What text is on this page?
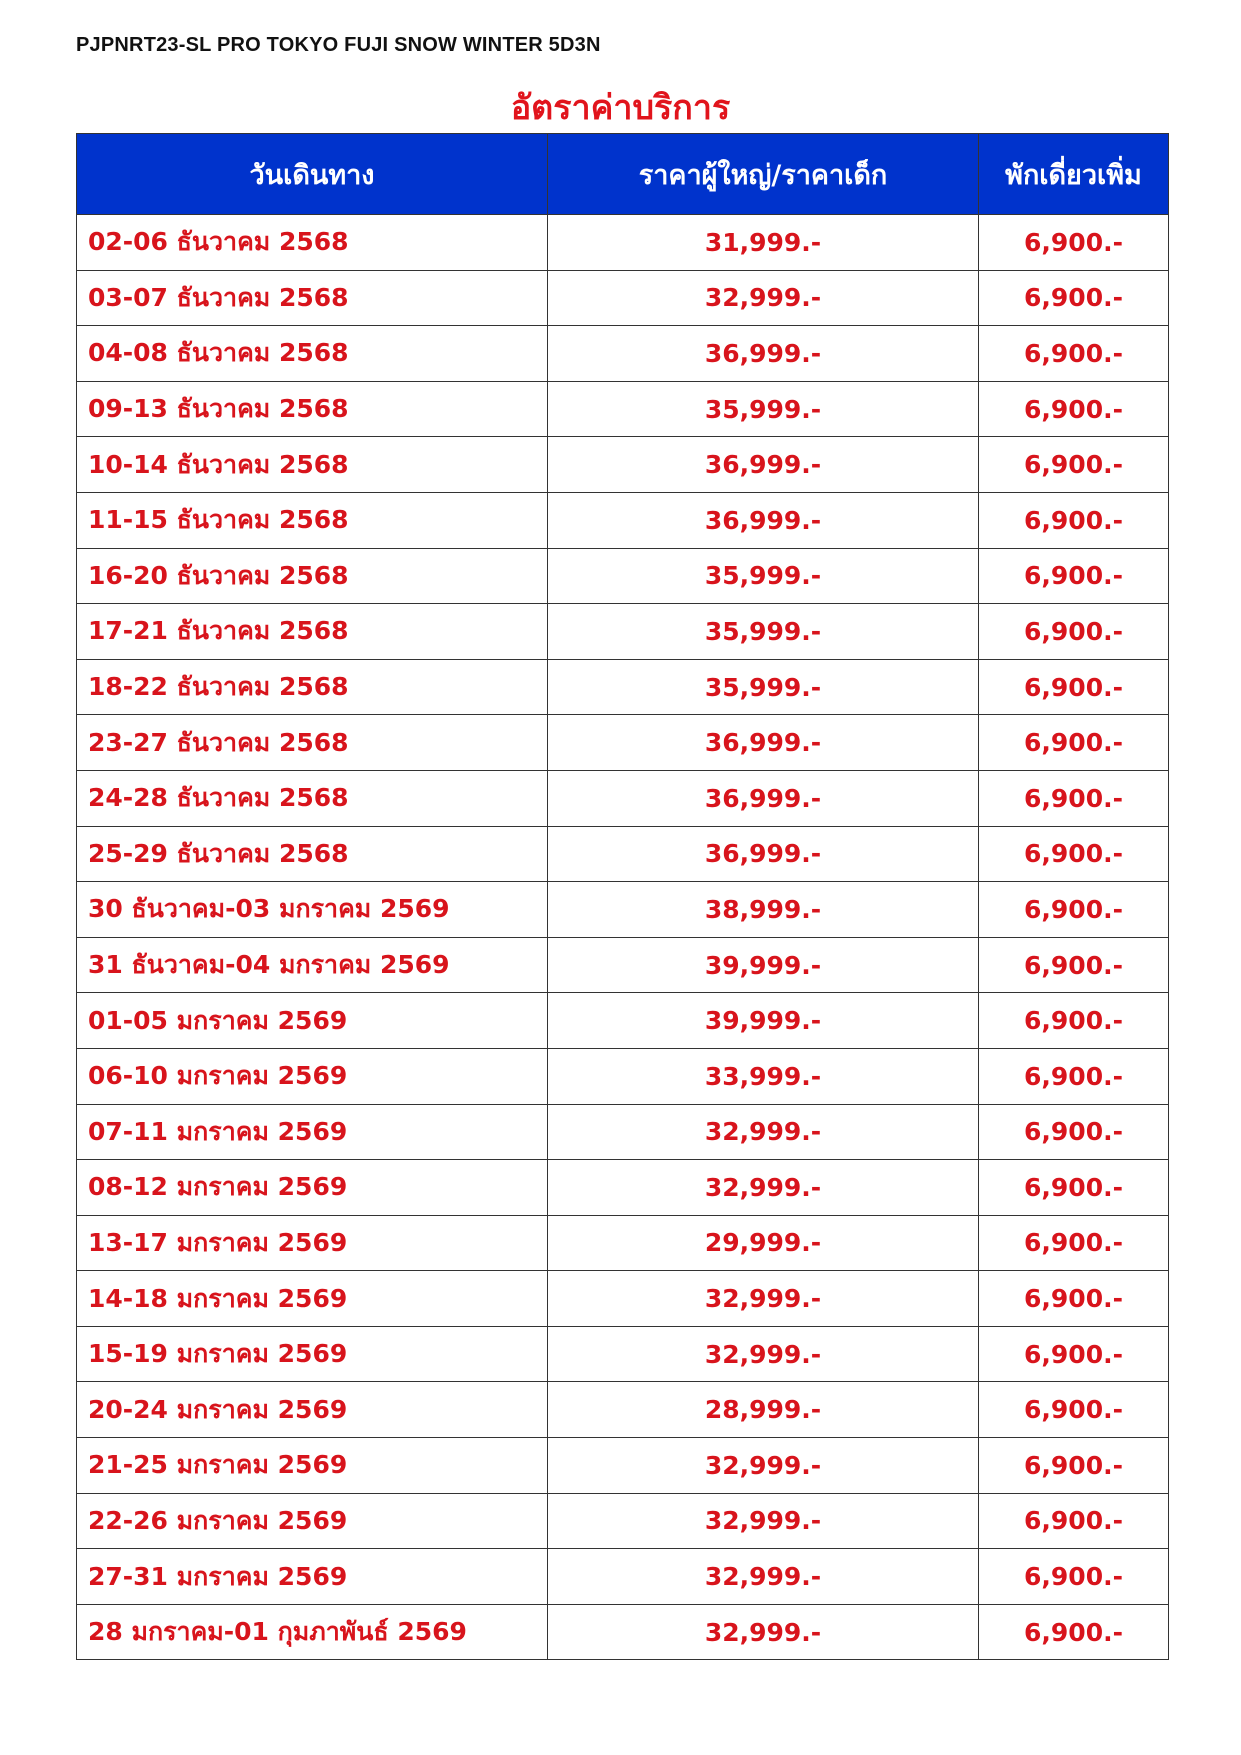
PJPNRT23-SL PRO TOKYO FUJI SNOW WINTER 5D3N
อัตราค่าบริการ
วันเดินทาง	ราคาผู้ใหญ่/ราคาเด็ก	พักเดี่ยวเพิ่ม
02-06 ธันวาคม 2568	31,999.-	6,900.-
03-07 ธันวาคม 2568	32,999.-	6,900.-
04-08 ธันวาคม 2568	36,999.-	6,900.-
09-13 ธันวาคม 2568	35,999.-	6,900.-
10-14 ธันวาคม 2568	36,999.-	6,900.-
11-15 ธันวาคม 2568	36,999.-	6,900.-
16-20 ธันวาคม 2568	35,999.-	6,900.-
17-21 ธันวาคม 2568	35,999.-	6,900.-
18-22 ธันวาคม 2568	35,999.-	6,900.-
23-27 ธันวาคม 2568	36,999.-	6,900.-
24-28 ธันวาคม 2568	36,999.-	6,900.-
25-29 ธันวาคม 2568	36,999.-	6,900.-
30 ธันวาคม-03 มกราคม 2569	38,999.-	6,900.-
31 ธันวาคม-04 มกราคม 2569	39,999.-	6,900.-
01-05 มกราคม 2569	39,999.-	6,900.-
06-10 มกราคม 2569	33,999.-	6,900.-
07-11 มกราคม 2569	32,999.-	6,900.-
08-12 มกราคม 2569	32,999.-	6,900.-
13-17 มกราคม 2569	29,999.-	6,900.-
14-18 มกราคม 2569	32,999.-	6,900.-
15-19 มกราคม 2569	32,999.-	6,900.-
20-24 มกราคม 2569	28,999.-	6,900.-
21-25 มกราคม 2569	32,999.-	6,900.-
22-26 มกราคม 2569	32,999.-	6,900.-
27-31 มกราคม 2569	32,999.-	6,900.-
28 มกราคม-01 กุมภาพันธ์ 2569	32,999.-	6,900.-
